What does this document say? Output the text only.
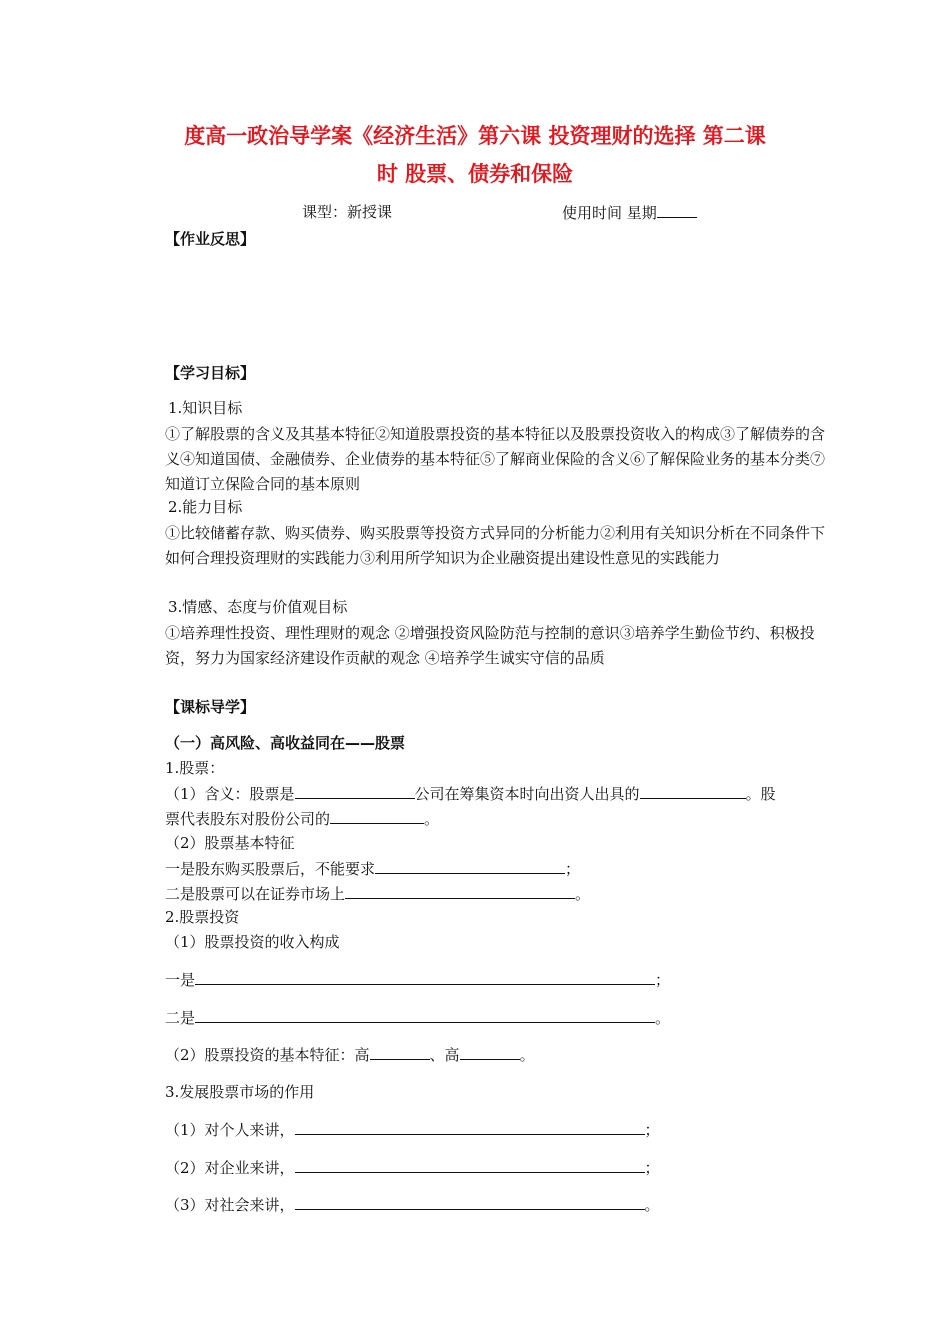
度高一政治导学案《经济生活》第六课 投资理财的选择 第二课
时 股票、债券和保险
课型：新授课	使用时间 星期
【作业反思】
【学习目标】
1.知识目标
①了解股票的含义及其基本特征②知道股票投资的基本特征以及股票投资收入的构成③了解债券的含义④知道国债、金融债券、企业债券的基本特征⑤了解商业保险的含义⑥了解保险业务的基本分类⑦知道订立保险合同的基本原则
2.能力目标
①比较储蓄存款、购买债券、购买股票等投资方式异同的分析能力②利用有关知识分析在不同条件下如何合理投资理财的实践能力③利用所学知识为企业融资提出建设性意见的实践能力
3.情感、态度与价值观目标
①培养理性投资、理性理财的观念 ②增强投资风险防范与控制的意识③培养学生勤俭节约、积极投资，努力为国家经济建设作贡献的观念 ④培养学生诚实守信的品质
【课标导学】
（一）高风险、高收益同在——股票
1.股票：
（1）含义：股票是	公司在筹集资本时向出资人出具的	。股
票代表股东对股份公司的	。
（2）股票基本特征
一是股东购买股票后，不能要求	；
二是股票可以在证券市场上	。
2.股票投资
（1）股票投资的收入构成
一是	；
二是	。
（2）股票投资的基本特征：高	、高	。
3.发展股票市场的作用
（1）对个人来讲，	；
（2）对企业来讲，	；
（3）对社会来讲，	。
